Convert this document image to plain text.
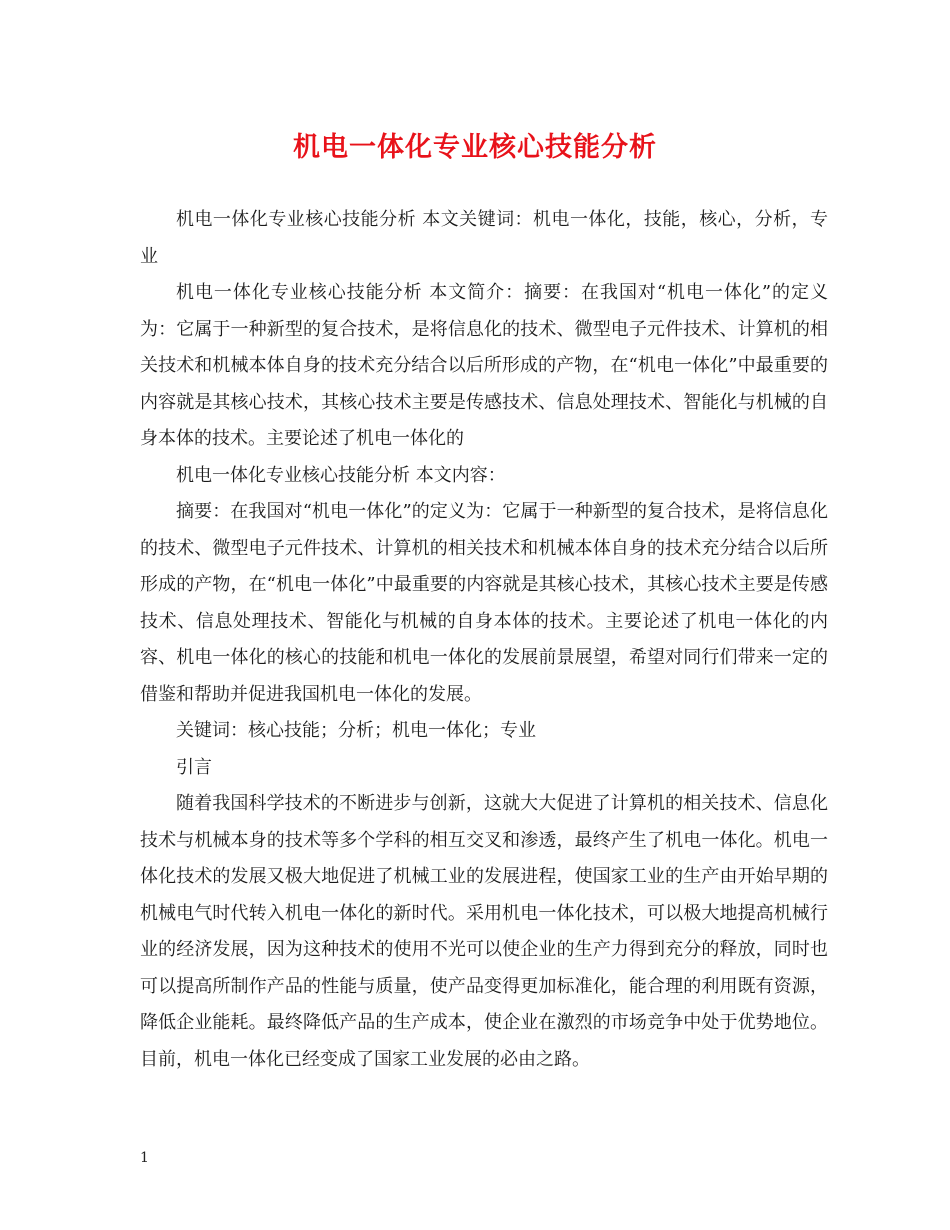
机电一体化专业核心技能分析

机电一体化专业核心技能分析 本文关键词：机电一体化，技能，核心，分析，专业

机电一体化专业核心技能分析 本文简介：摘要：在我国对“机电一体化”的定义为：它属于一种新型的复合技术，是将信息化的技术、微型电子元件技术、计算机的相关技术和机械本体自身的技术充分结合以后所形成的产物，在“机电一体化”中最重要的内容就是其核心技术，其核心技术主要是传感技术、信息处理技术、智能化与机械的自身本体的技术。主要论述了机电一体化的

机电一体化专业核心技能分析 本文内容：

摘要：在我国对“机电一体化”的定义为：它属于一种新型的复合技术，是将信息化的技术、微型电子元件技术、计算机的相关技术和机械本体自身的技术充分结合以后所形成的产物，在“机电一体化”中最重要的内容就是其核心技术，其核心技术主要是传感技术、信息处理技术、智能化与机械的自身本体的技术。主要论述了机电一体化的内容、机电一体化的核心的技能和机电一体化的发展前景展望，希望对同行们带来一定的借鉴和帮助并促进我国机电一体化的发展。

关键词：核心技能；分析；机电一体化；专业

引言

随着我国科学技术的不断进步与创新，这就大大促进了计算机的相关技术、信息化技术与机械本身的技术等多个学科的相互交叉和渗透，最终产生了机电一体化。机电一体化技术的发展又极大地促进了机械工业的发展进程，使国家工业的生产由开始早期的机械电气时代转入机电一体化的新时代。采用机电一体化技术，可以极大地提高机械行业的经济发展，因为这种技术的使用不光可以使企业的生产力得到充分的释放，同时也可以提高所制作产品的性能与质量，使产品变得更加标准化，能合理的利用既有资源，降低企业能耗。最终降低产品的生产成本，使企业在激烈的市场竞争中处于优势地位。目前，机电一体化已经变成了国家工业发展的必由之路。

1
